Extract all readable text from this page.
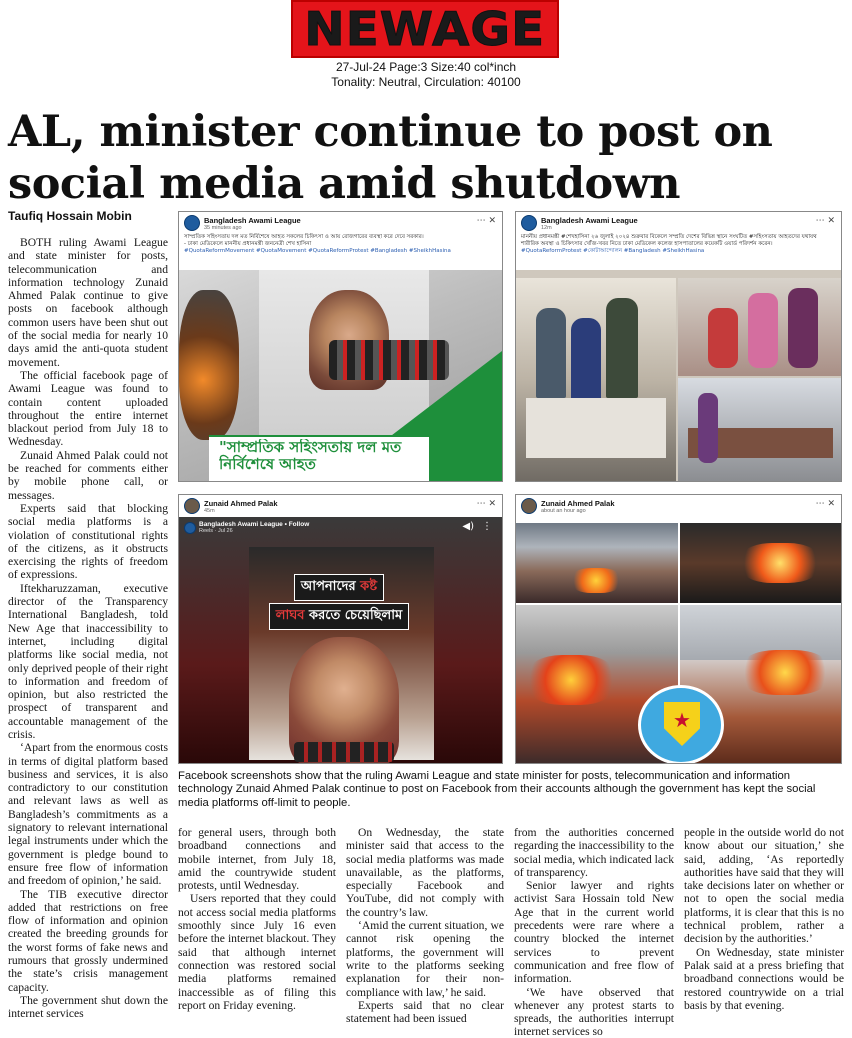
NEWAGE
27-Jul-24 Page:3 Size:40 col*inch
Tonality: Neutral, Circulation: 40100
AL, minister continue to post on social media amid shutdown
Taufiq Hossain Mobin

BOTH ruling Awami League and state minister for posts, telecommunication and information technology Zunaid Ahmed Palak continue to give posts on facebook although common users have been shut out of the social media for nearly 10 days amid the anti-quota student movement.

The official facebook page of Awami League was found to contain content uploaded throughout the entire internet blackout period from July 18 to Wednesday.

Zunaid Ahmed Palak could not be reached for comments either by mobile phone call, or messages.

Experts said that blocking social media platforms is a violation of constitutional rights of the citizens, as it obstructs exercising the rights of freedom of expressions.

Iftekharuzzaman, executive director of the Transparency International Bangladesh, told New Age that inaccessibility to internet, including digital platforms like social media, not only deprived people of their right to information and freedom of opinion, but also restricted the prospect of transparent and accountable management of the crisis.

‘Apart from the enormous costs in terms of digital platform based business and services, it is also contradictory to our constitution and relevant laws as well as Bangladesh’s commitments as a signatory to relevant international legal instruments under which the government is pledge bound to ensure free flow of information and freedom of opinion,’ he said.

The TIB executive director added that restrictions on free flow of information and opinion created the breeding grounds for the worst forms of fake news and rumours that grossly undermined the state’s crisis management capacity.

The government shut down the internet services

Bangladesh Awami League
35 minutes ago
⋯ ✕
সাম্প্রতিক সহিংসতায় দল মত নির্বিশেষে আহত সকলের চিকিৎসা ও আয় রোজগারের ব্যবস্থা করে দেবে সরকার।
- ঢাকা মেডিকেলে মাননীয় প্রধানমন্ত্রী জননেত্রী শেখ হাসিনা
#QuotaReformMovement #QuotaMovement #QuotaReformProtest #Bangladesh #SheikhHasina
"সাম্প্রতিক সহিংসতায় দল মত নির্বিশেষে আহত
Bangladesh Awami League
12m
⋯ ✕
মাননীয় প্রধানমন্ত্রী #শেখহাসিনা ২৬ জুলাই ২০২৪ শুক্রবার বিকেলে সম্প্রতি দেশের বিভিন্ন স্থানে সংঘটিত #সহিংসতায় আহতদের যথাযথ শারীরিক অবস্থা ও চিকিৎসার খোঁজ-খবর নিতে ঢাকা মেডিকেল কলেজ হাসপাতালের কয়েকটি ওয়ার্ড পরিদর্শন করেন।
#QuotaReformProtest #কোটাআন্দোলন #Bangladesh #SheikhHasina
Zunaid Ahmed Palak
45m
⋯ ✕
Bangladesh Awami League • Follow
Reels · Jul 26	◀) ⋮
আপনাদের কষ্ট
লাঘব করতে চেয়েছিলাম
Zunaid Ahmed Palak
about an hour ago
⋯ ✕
★
Facebook screenshots show that the ruling Awami League and state minister for posts, telecommunication and information technology Zunaid Ahmed Palak continue to post on Facebook from their accounts although the government has kept the social media platforms off-limit to people.

for general users, through both broadband connections and mobile internet, from July 18, amid the countrywide student protests, until Wednesday.

Users reported that they could not access social media platforms smoothly since July 16 even before the internet blackout. They said that although internet connection was restored social media platforms remained inaccessible as of filing this report on Friday evening.

On Wednesday, the state minister said that access to the social media platforms was made unavailable, as the platforms, especially Facebook and YouTube, did not comply with the country’s law.

‘Amid the current situation, we cannot risk opening the platforms, the government will write to the platforms seeking explanation for their non-compliance with law,’ he said.

Experts said that no clear statement had been issued

from the authorities concerned regarding the inaccessibility to the social media, which indicated lack of transparency.

Senior lawyer and rights activist Sara Hossain told New Age that in the current world precedents were rare where a country blocked the internet services to prevent communication and free flow of information.

‘We have observed that whenever any protest starts to spreads, the authorities interrupt internet services so

people in the outside world do not know about our situation,’ she said, adding, ‘As reportedly authorities have said that they will take decisions later on whether or not to open the social media platforms, it is clear that this is no technical problem, rather a decision by the authorities.’

On Wednesday, state minister Palak said at a press briefing that broadband connections would be restored countrywide on a trial basis by that evening.
